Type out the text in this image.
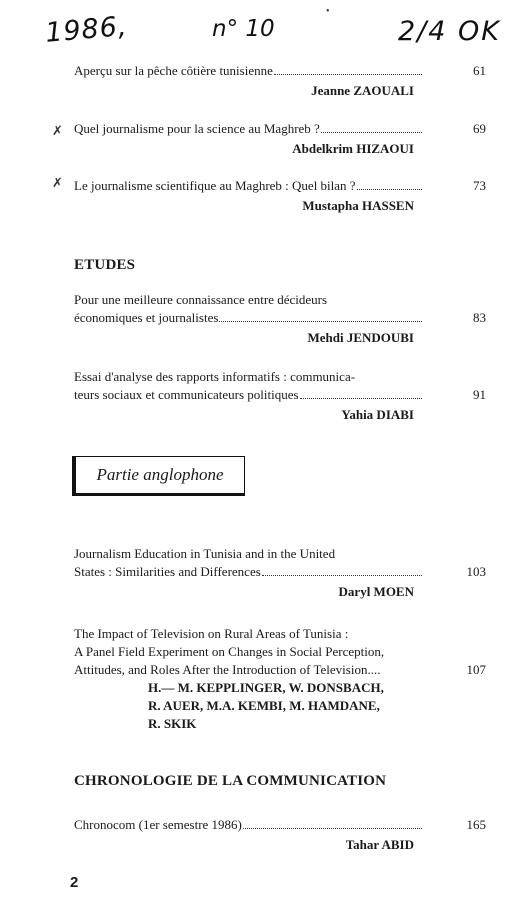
1986,	n° 10	2/4 OK
•
Aperçu sur la pêche côtière tunisienne	61
Jeanne ZAOUALI
✗ Quel journalisme pour la science au Maghreb ?	69
Abdelkrim HIZAOUI
✗ Le journalisme scientifique au Maghreb : Quel bilan ?	73
Mustapha HASSEN
ETUDES
Pour une meilleure connaissance entre décideurs
économiques et journalistes	83
Mehdi JENDOUBI
Essai d'analyse des rapports informatifs : communica-
teurs sociaux et communicateurs politiques	91
Yahia DIABI
Partie anglophone
Journalism Education in Tunisia and in the United
States : Similarities and Differences	103
Daryl MOEN
The Impact of Television on Rural Areas of Tunisia :
A Panel Field Experiment on Changes in Social Perception,
Attitudes, and Roles After the Introduction of Television....	107
H.— M. KEPPLINGER, W. DONSBACH,
R. AUER, M.A. KEMBI, M. HAMDANE,
R. SKIK
CHRONOLOGIE DE LA COMMUNICATION
Chronocom (1er semestre 1986)	165
Tahar ABID
2
